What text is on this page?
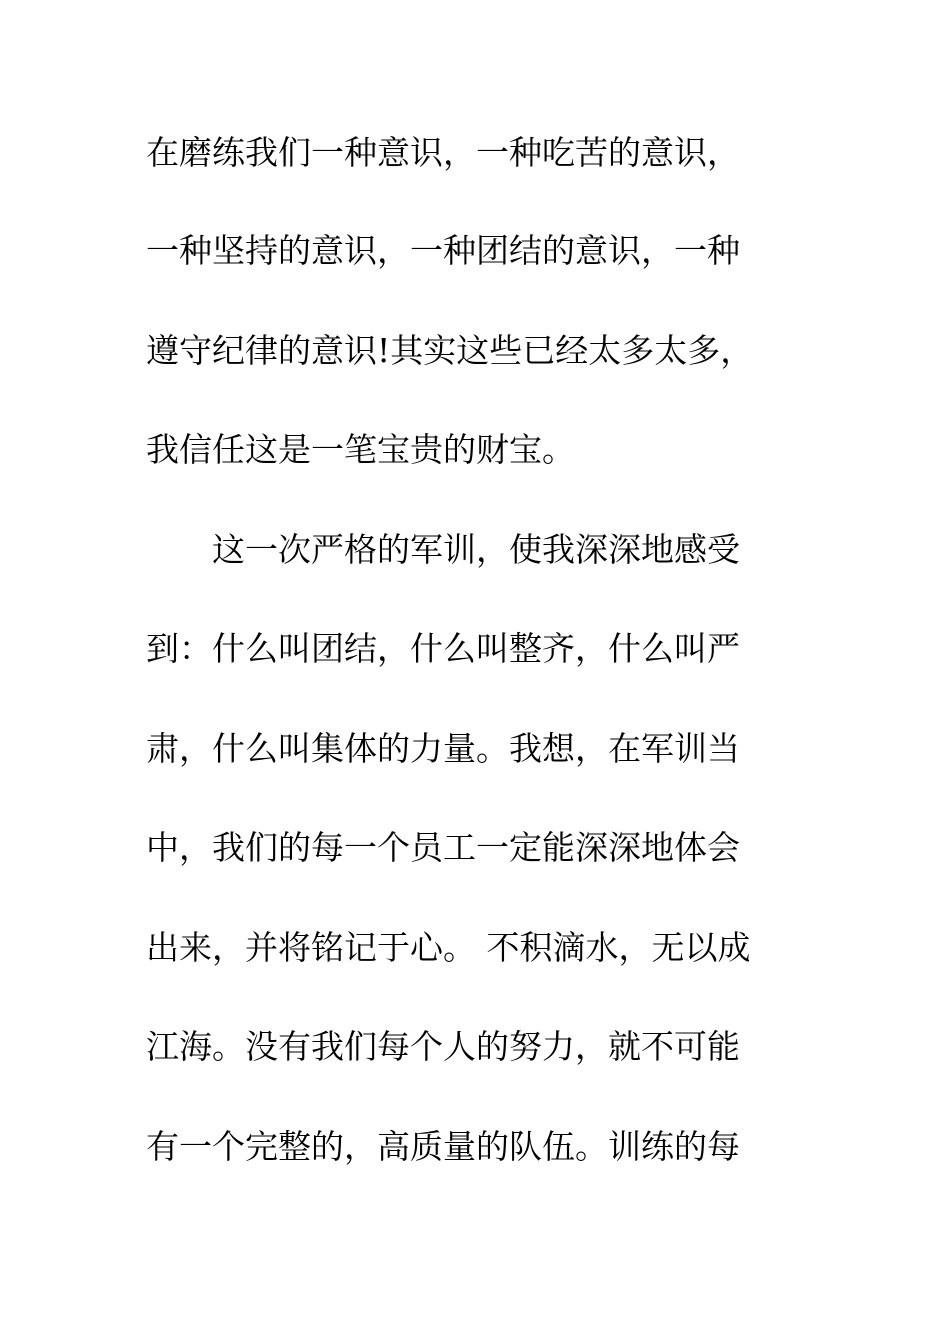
在磨练我们一种意识，一种吃苦的意识，
一种坚持的意识，一种团结的意识，一种
遵守纪律的意识!其实这些已经太多太多，
我信任这是一笔宝贵的财宝。
　　这一次严格的军训，使我深深地感受
到：什么叫团结，什么叫整齐，什么叫严
肃，什么叫集体的力量。我想，在军训当
中，我们的每一个员工一定能深深地体会
出来，并将铭记于心。 不积滴水，无以成
江海。没有我们每个人的努力，就不可能
有一个完整的，高质量的队伍。训练的每
